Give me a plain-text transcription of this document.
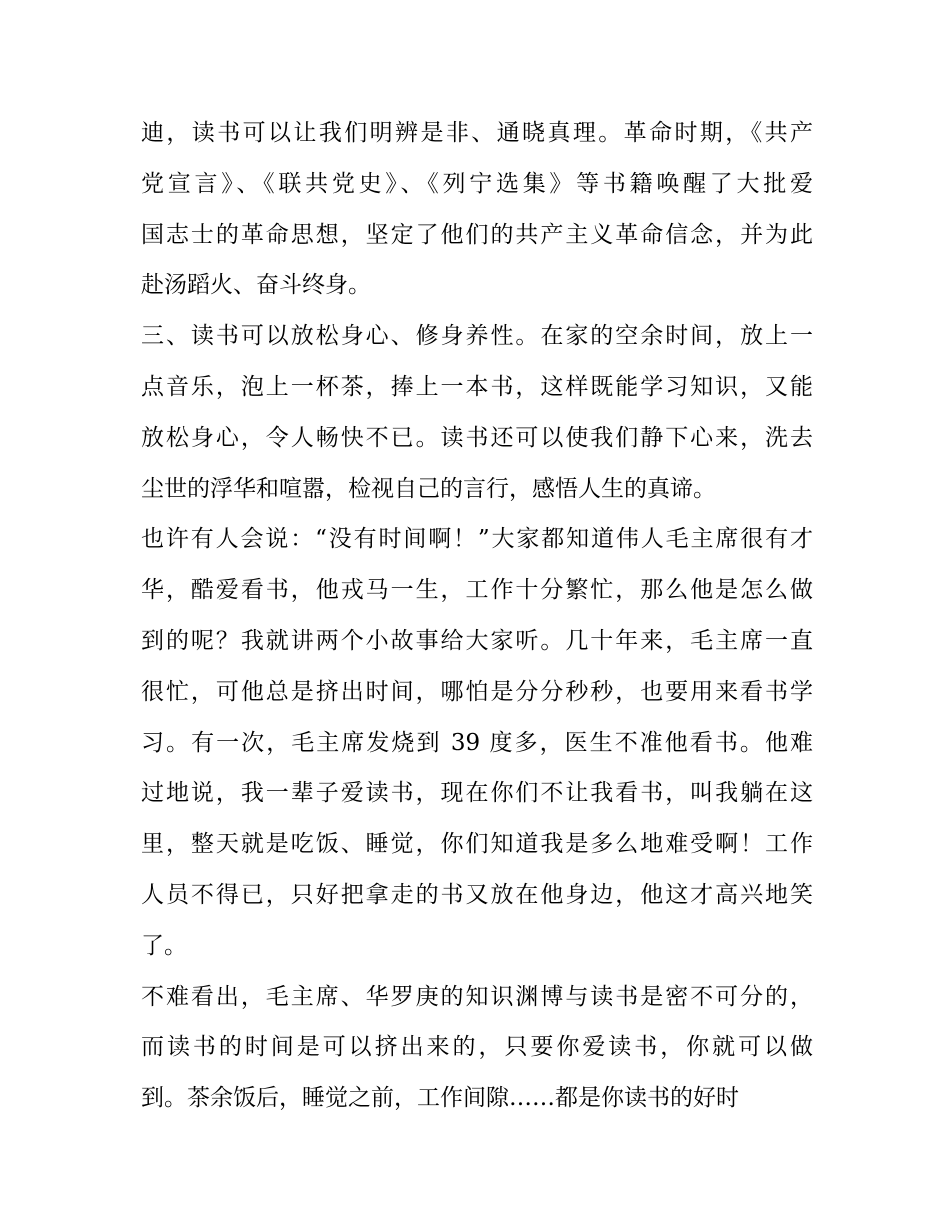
迪，读书可以让我们明辨是非、通晓真理。革命时期，《共产
党宣言》、《联共党史》、《列宁选集》等书籍唤醒了大批爱
国志士的革命思想，坚定了他们的共产主义革命信念，并为此
赴汤蹈火、奋斗终身。
三、读书可以放松身心、修身养性。在家的空余时间，放上一
点音乐，泡上一杯茶，捧上一本书，这样既能学习知识，又能
放松身心，令人畅快不已。读书还可以使我们静下心来，洗去
尘世的浮华和喧嚣，检视自己的言行，感悟人生的真谛。
也许有人会说：“没有时间啊！”大家都知道伟人毛主席很有才
华，酷爱看书，他戎马一生，工作十分繁忙，那么他是怎么做
到的呢？我就讲两个小故事给大家听。几十年来，毛主席一直
很忙，可他总是挤出时间，哪怕是分分秒秒，也要用来看书学
习。有一次，毛主席发烧到 39 度多，医生不准他看书。他难
过地说，我一辈子爱读书，现在你们不让我看书，叫我躺在这
里，整天就是吃饭、睡觉，你们知道我是多么地难受啊！工作
人员不得已，只好把拿走的书又放在他身边，他这才高兴地笑
了。
不难看出，毛主席、华罗庚的知识渊博与读书是密不可分的，
而读书的时间是可以挤出来的，只要你爱读书，你就可以做
到。茶余饭后，睡觉之前，工作间隙……都是你读书的好时
